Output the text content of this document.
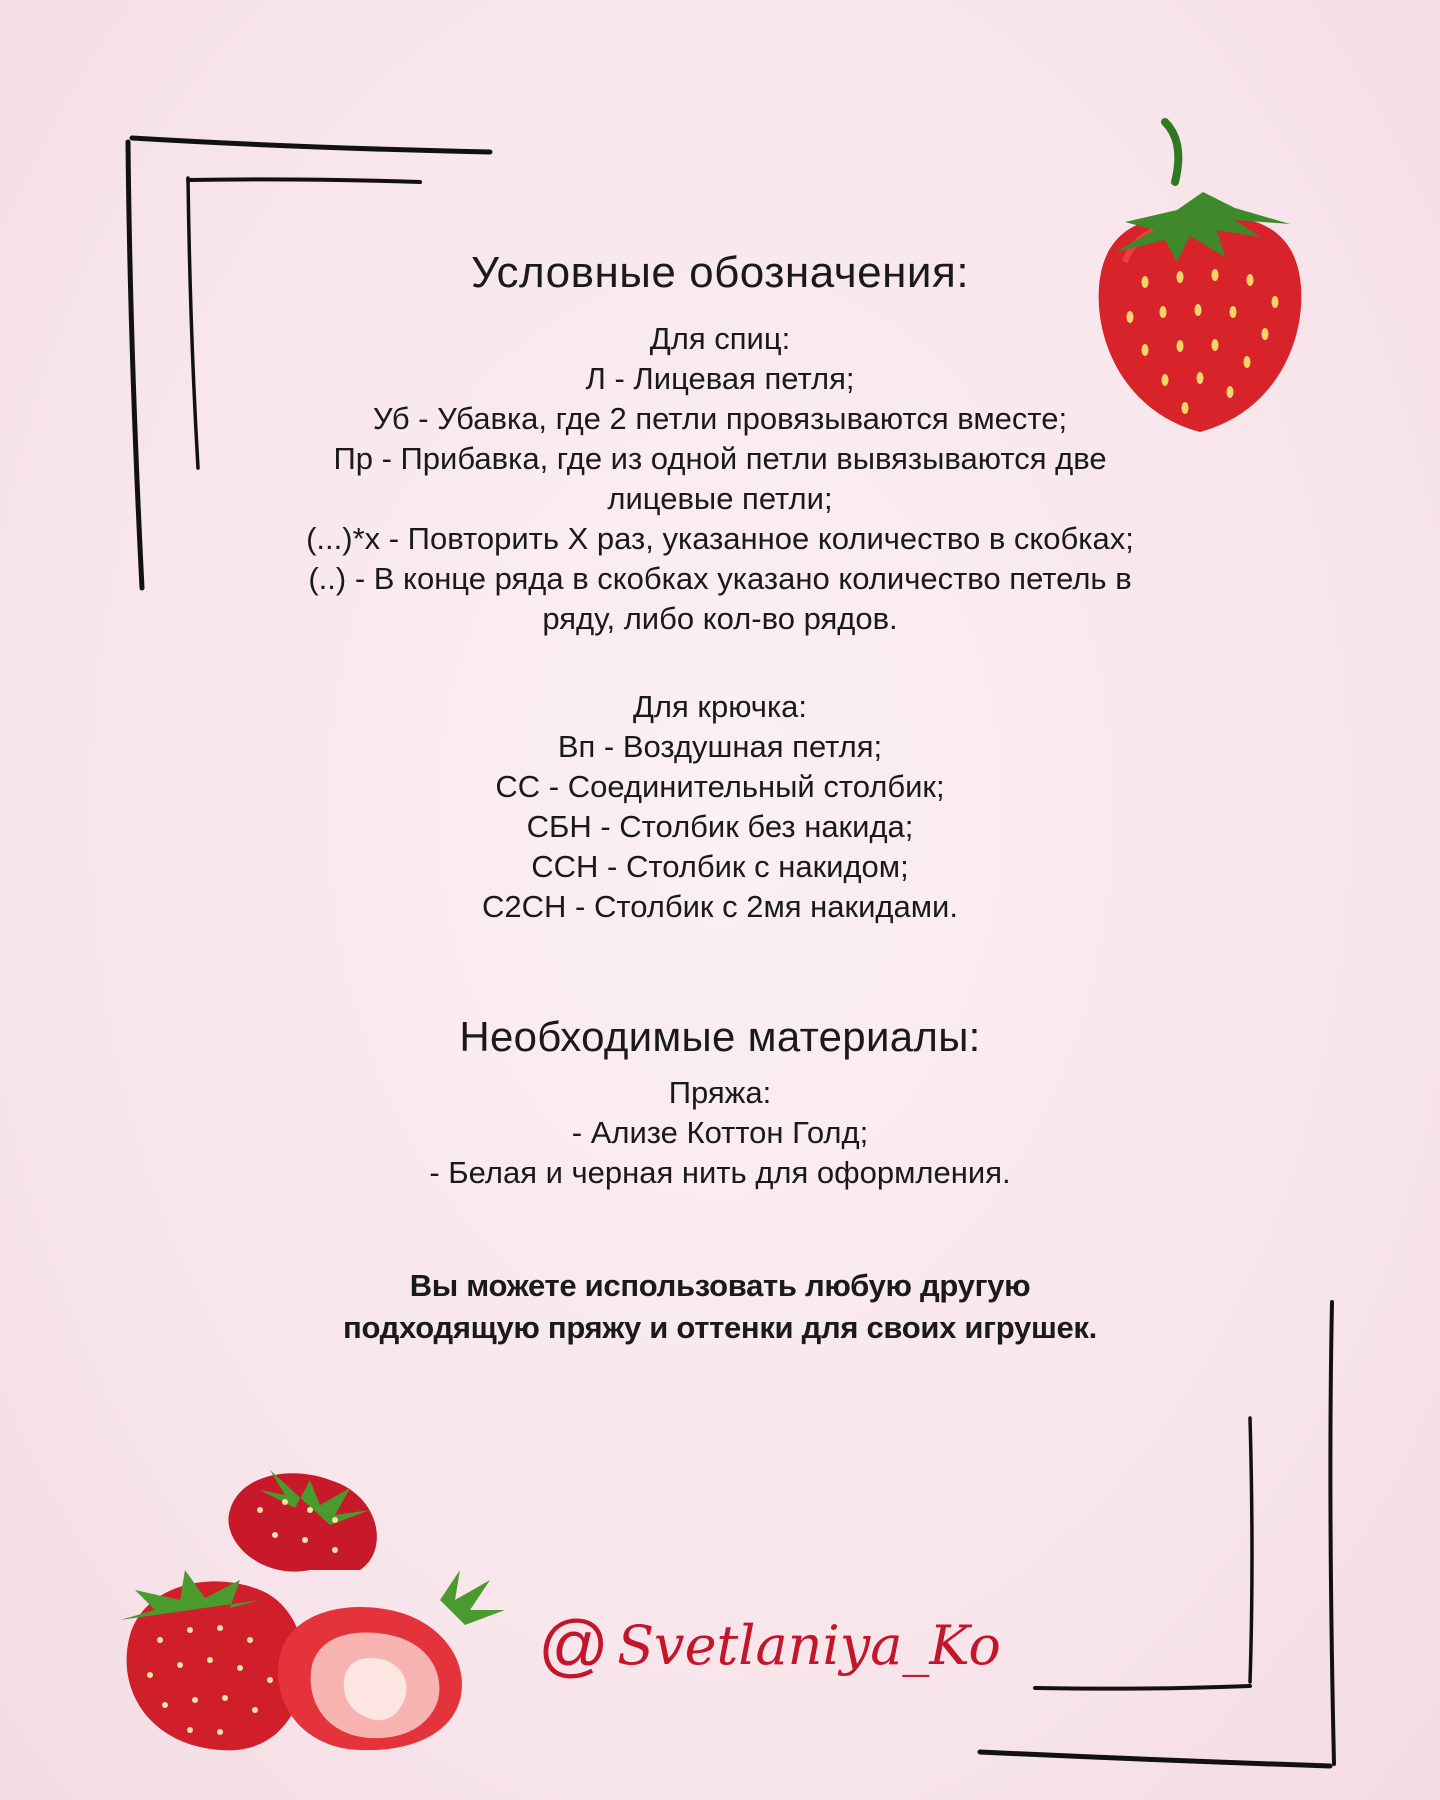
Условные обозначения:
Для спиц:
Л - Лицевая петля;
Уб - Убавка, где 2 петли провязываются вместе;
Пр - Прибавка, где из одной петли вывязываются две
лицевые петли;
(...)*х - Повторить Х раз, указанное количество в скобках;
(..) - В конце ряда в скобках указано количество петель в
ряду, либо кол-во рядов.
Для крючка:
Вп - Воздушная петля;
СС - Соединительный столбик;
СБН - Столбик без накида;
ССН - Столбик с накидом;
С2СН - Столбик с 2мя накидами.
Необходимые материалы:
Пряжа:
- Ализе Коттон Голд;
- Белая и черная нить для оформления.
Вы можете использовать любую другую
подходящую пряжу и оттенки для своих игрушек.
@ Svetlaniya_Ko
